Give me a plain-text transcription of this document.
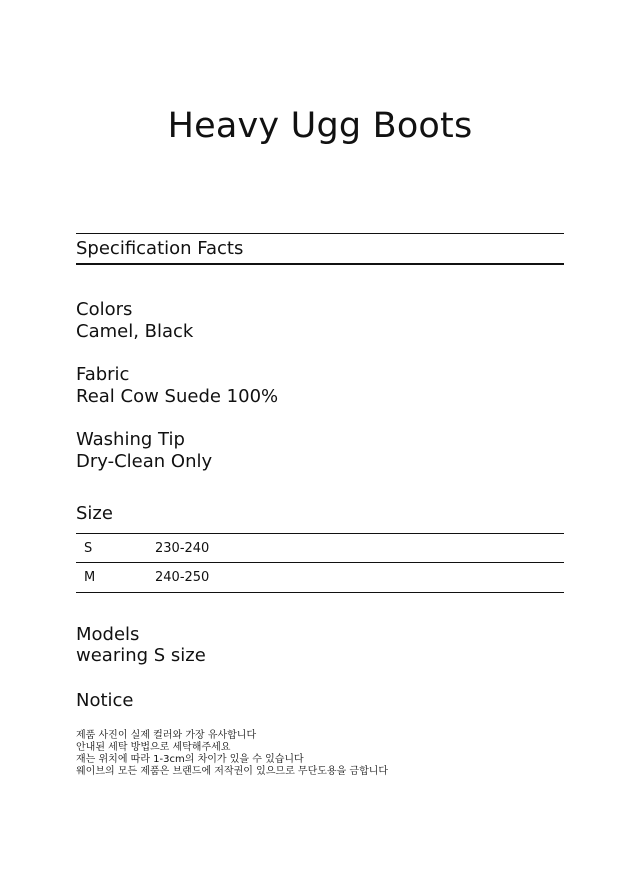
Heavy Ugg Boots
Specification Facts
Colors
Camel, Black
Fabric
Real Cow Suede 100%
Washing Tip
Dry-Clean Only
Size
S	230-240
M	240-250
Models
wearing S size
Notice
제품 사진이 실제 컬러와 가장 유사합니다
안내된 세탁 방법으로 세탁해주세요
재는 위치에 따라 1-3cm의 차이가 있을 수 있습니다
웨이브의 모든 제품은 브랜드에 저작권이 있으므로 무단도용을 금합니다
